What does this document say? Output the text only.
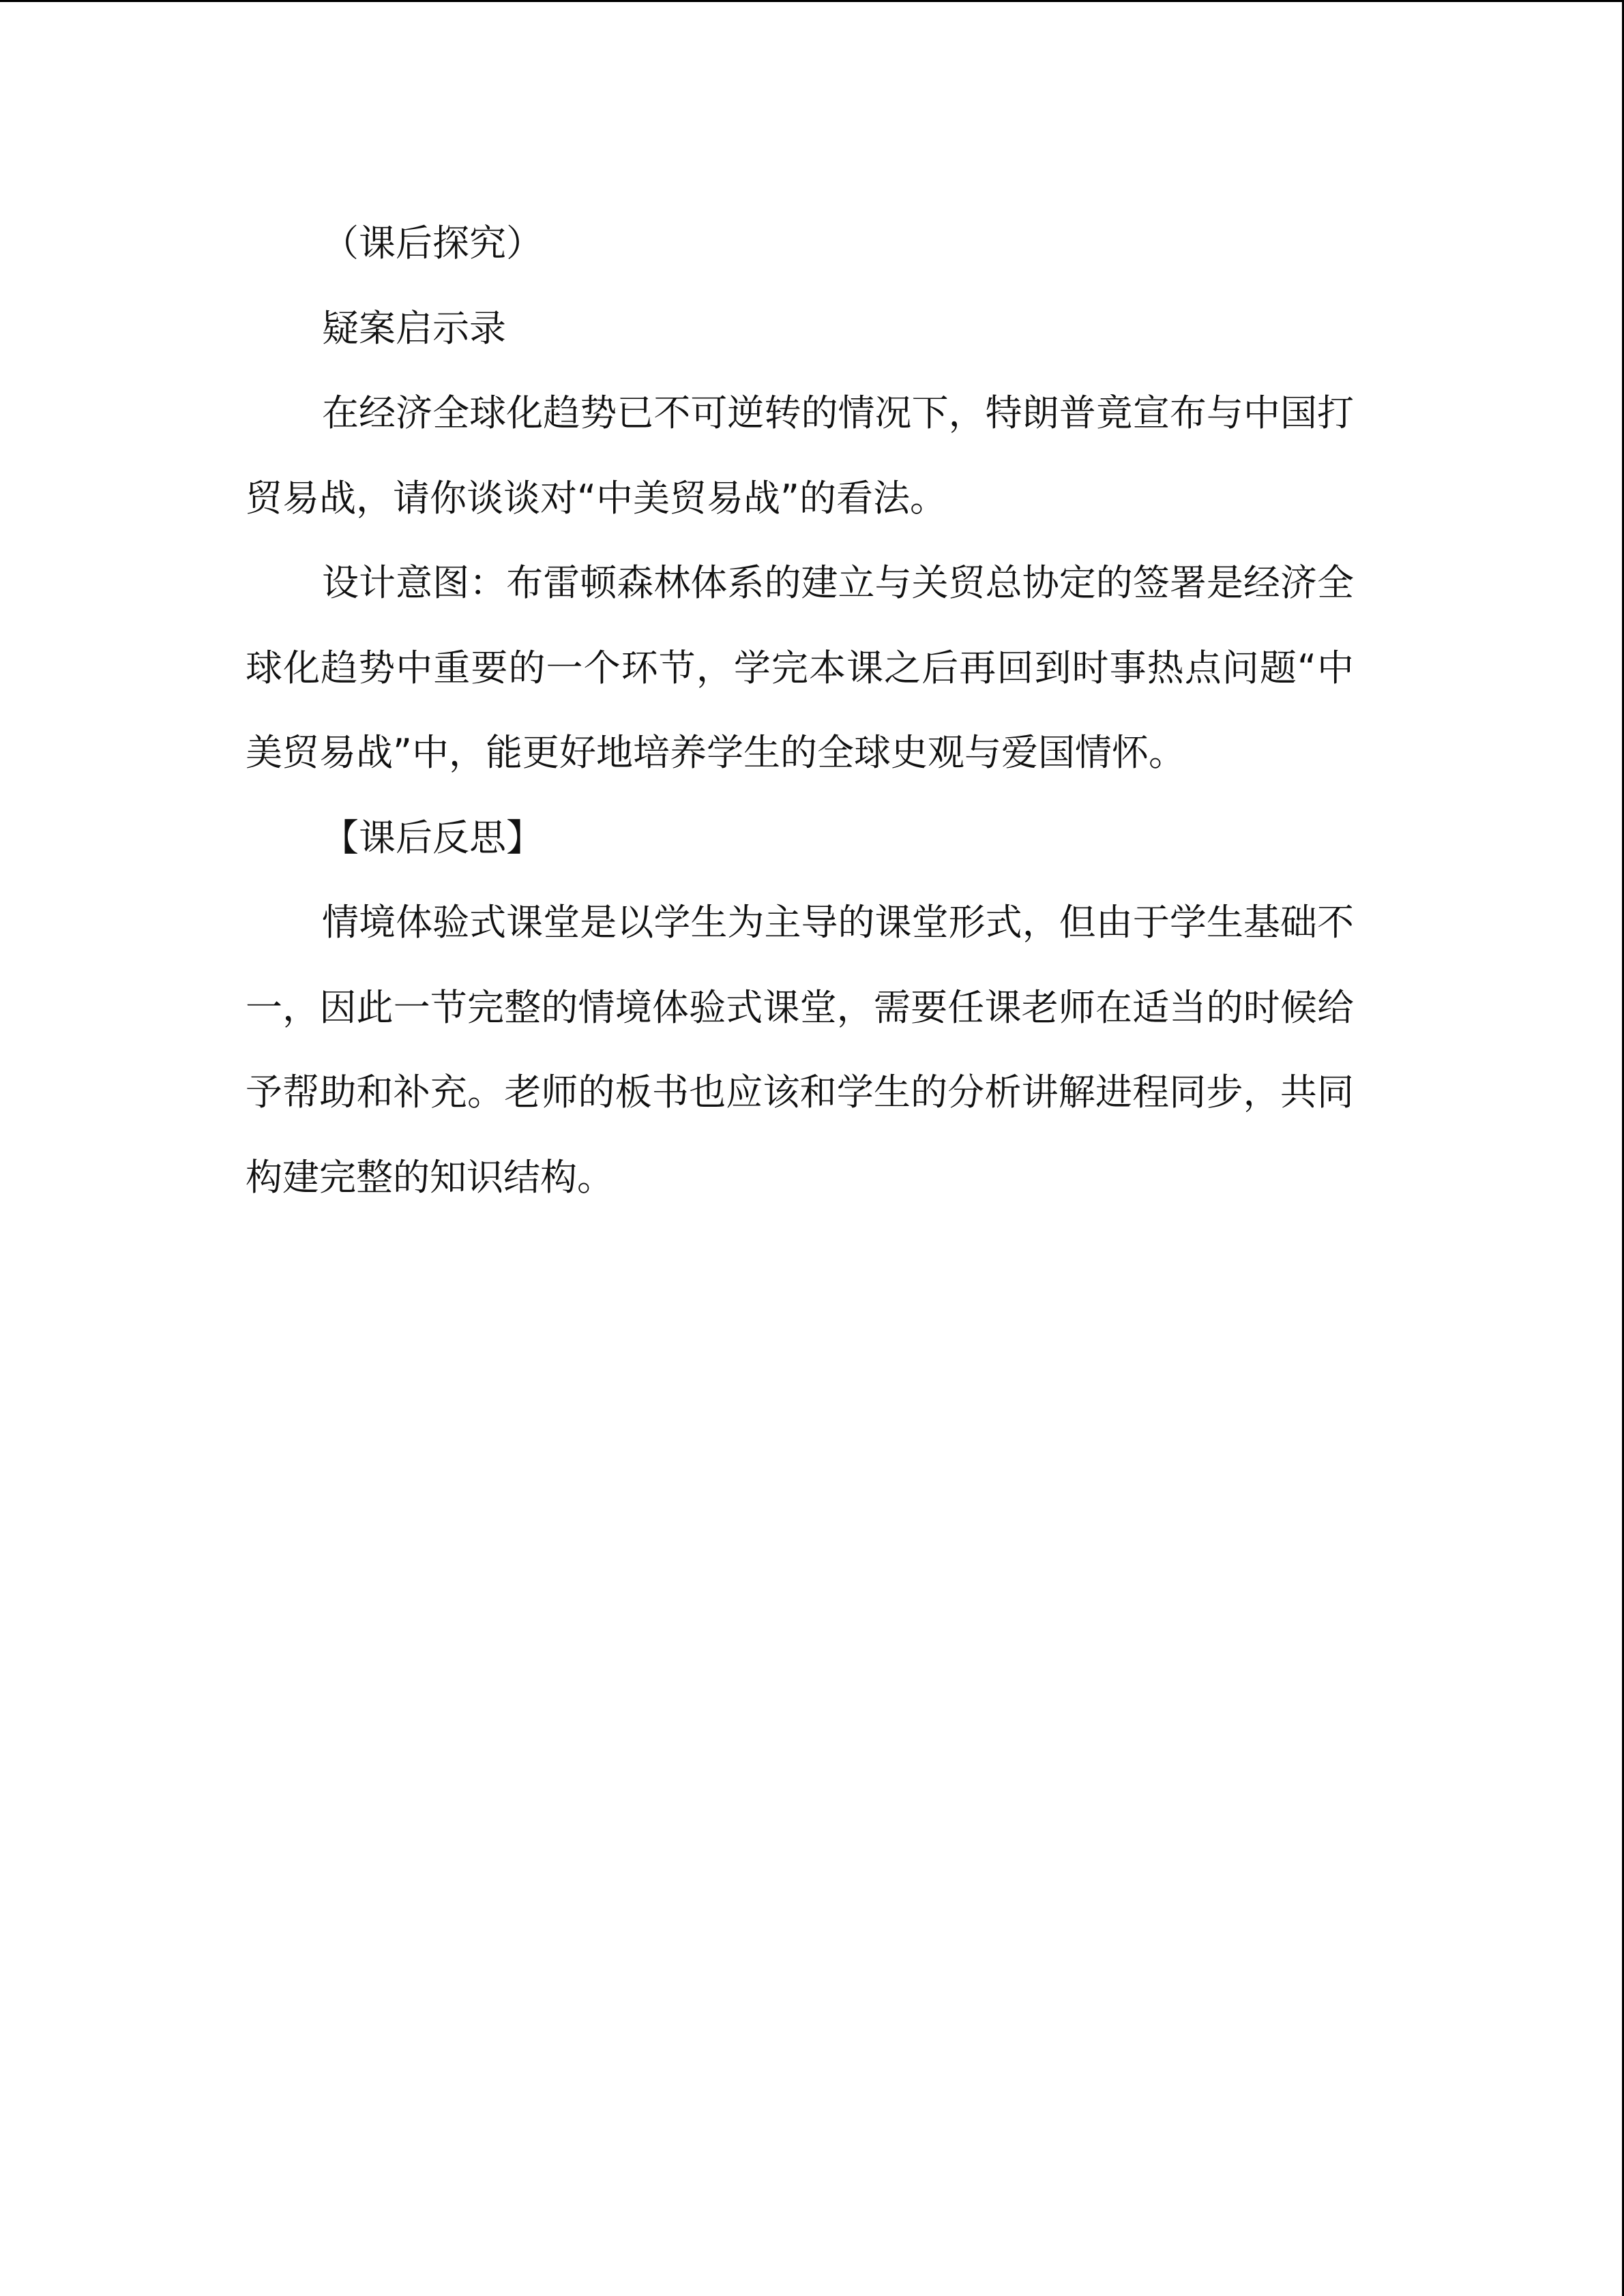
（课后探究）

疑案启示录

在经济全球化趋势已不可逆转的情况下，特朗普竟宣布与中国打贸易战，请你谈谈对“中美贸易战”的看法。

设计意图：布雷顿森林体系的建立与关贸总协定的签署是经济全球化趋势中重要的一个环节，学完本课之后再回到时事热点问题“中美贸易战”中，能更好地培养学生的全球史观与爱国情怀。

【课后反思】

情境体验式课堂是以学生为主导的课堂形式，但由于学生基础不一，因此一节完整的情境体验式课堂，需要任课老师在适当的时候给予帮助和补充。老师的板书也应该和学生的分析讲解进程同步，共同构建完整的知识结构。
